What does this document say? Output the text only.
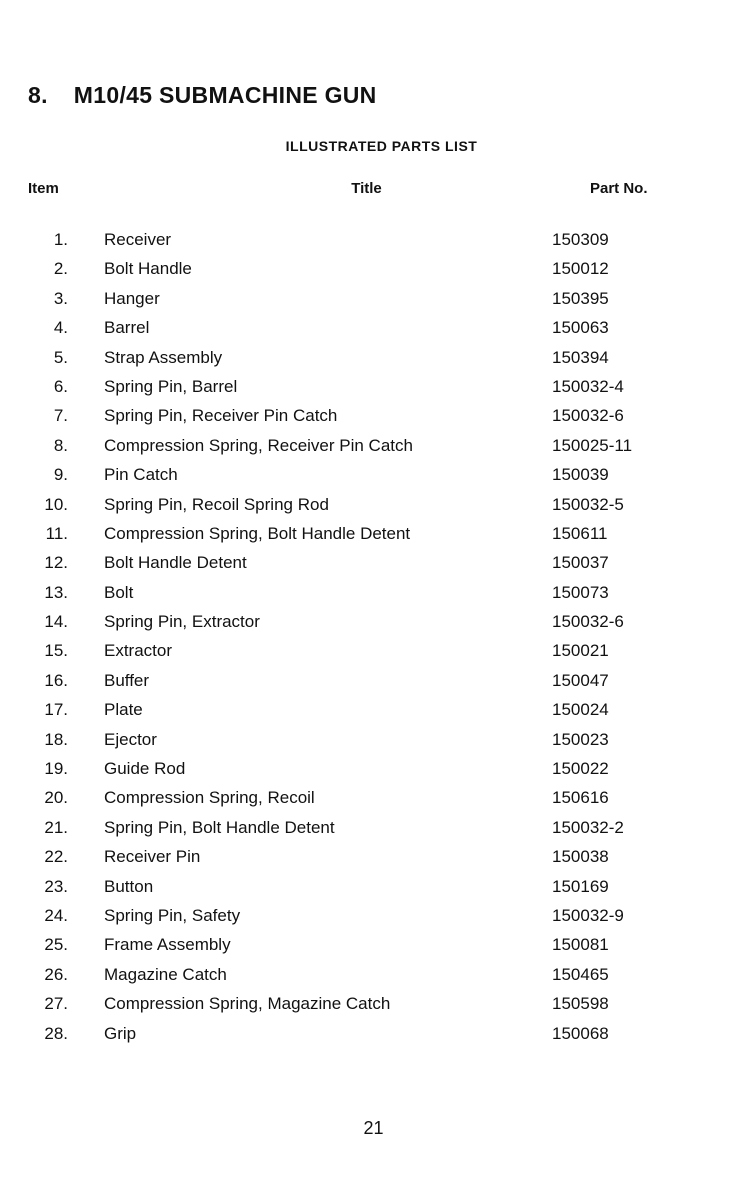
8. M10/45 SUBMACHINE GUN
ILLUSTRATED PARTS LIST
Item	Title	Part No.
1. Receiver	150309
2. Bolt Handle	150012
3. Hanger	150395
4. Barrel	150063
5. Strap Assembly	150394
6. Spring Pin, Barrel	150032-4
7. Spring Pin, Receiver Pin Catch	150032-6
8. Compression Spring, Receiver Pin Catch	150025-11
9. Pin Catch	150039
10. Spring Pin, Recoil Spring Rod	150032-5
11. Compression Spring, Bolt Handle Detent	150611
12. Bolt Handle Detent	150037
13. Bolt	150073
14. Spring Pin, Extractor	150032-6
15. Extractor	150021
16. Buffer	150047
17. Plate	150024
18. Ejector	150023
19. Guide Rod	150022
20. Compression Spring, Recoil	150616
21. Spring Pin, Bolt Handle Detent	150032-2
22. Receiver Pin	150038
23. Button	150169
24. Spring Pin, Safety	150032-9
25. Frame Assembly	150081
26. Magazine Catch	150465
27. Compression Spring, Magazine Catch	150598
28. Grip	150068
21
